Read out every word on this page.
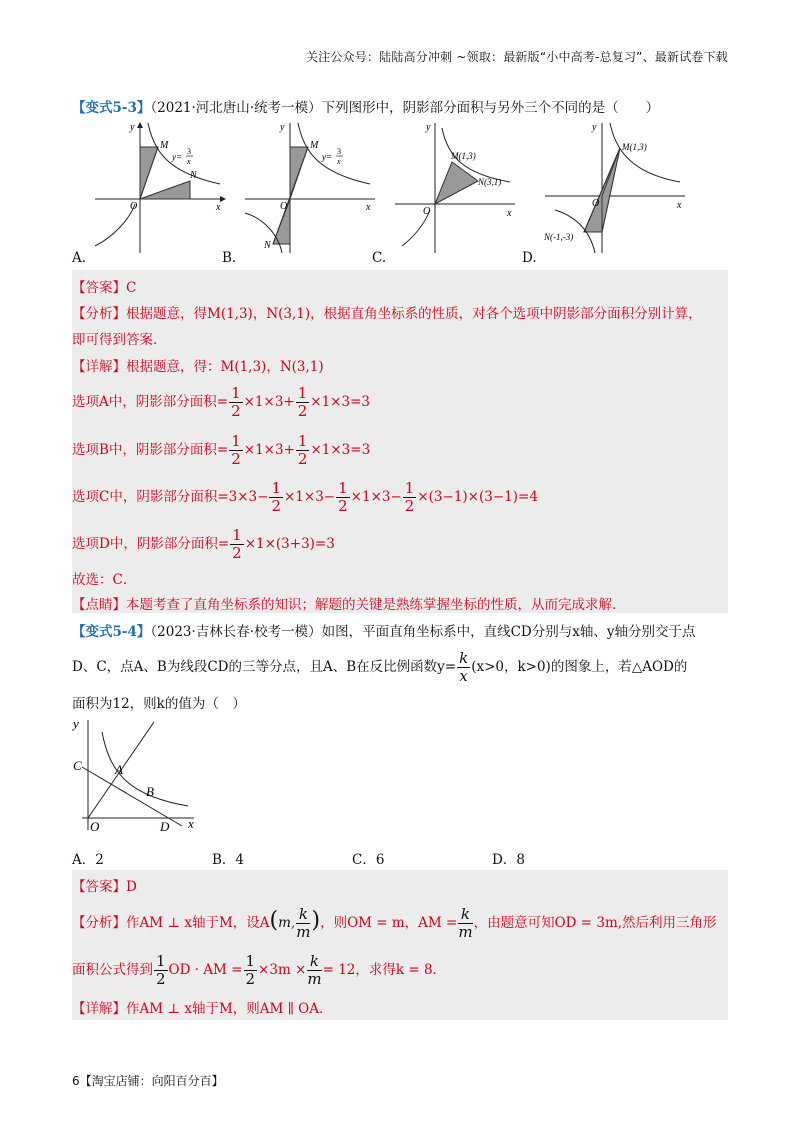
关注公众号：陆陆高分冲刺 ~领取：最新版“小中高考-总复习”、最新试卷下载
【变式5-3】（2021·河北唐山·统考一模）下列图形中，阴影部分面积与另外三个不同的是（　　）
y
x
O
M
N
y=
3
x
y
x
O
M
N
y=
3
x
y
x
O
M(1,3)
N(3,1)
y
x
O
M(1,3)
N(-1,-3)
A.	B.	C.	D.
【答案】C
【分析】根据题意，得M(1,3)，N(3,1)，根据直角坐标系的性质，对各个选项中阴影部分面积分别计算，
即可得到答案．
【详解】根据题意，得：M(1,3)，N(3,1)
选项A中，阴影部分面积= $\frac{1}{2} \times 1\times 3+ \frac{1}{2} \times 1\times 3=3$
选项B中，阴影部分面积= $\frac{1}{2} \times 1\times 3+ \frac{1}{2} \times 1\times 3=3$
选项C中，阴影部分面积$=3\times 3- \frac{1}{2} \times 1\times 3- \frac{1}{2} \times 1\times 3- \frac{1}{2} \times(3-1)\times(3-1)=4$
选项D中，阴影部分面积= $\frac{1}{2} \times 1\times(3+3)=3$
故选：C．
【点睛】本题考查了直角坐标系的知识；解题的关键是熟练掌握坐标的性质，从而完成求解．
【变式5-4】（2023·吉林长春·校考一模）如图，平面直角坐标系中，直线CD分别与x轴、y轴分别交于点
D、C，点A、B为线段CD的三等分点，且A、B在反比例函数$y= \frac{k}{x} (x>0$，k>0)的图象上，若△AOD的
面积为12，则k的值为（　）
y
x
C	A
B
O	D
A．2	B．4	C．6	D．8
【答案】D
【分析】作AM ⊥ x轴于M，设A(m, $\frac{k}{m}$ )，则OM = m，AM = $\frac{k}{m}$ ，由题意可知OD = 3m,然后利用三角形
面积公式得到 $\frac{1}{2}$ OD · AM = $\frac{1}{2} \times 3m \times \frac{k}{m} = 12$，求得k = 8．
【详解】作AM ⊥ x轴于M，则AM ∥ OA．
6【淘宝店铺：向阳百分百】
